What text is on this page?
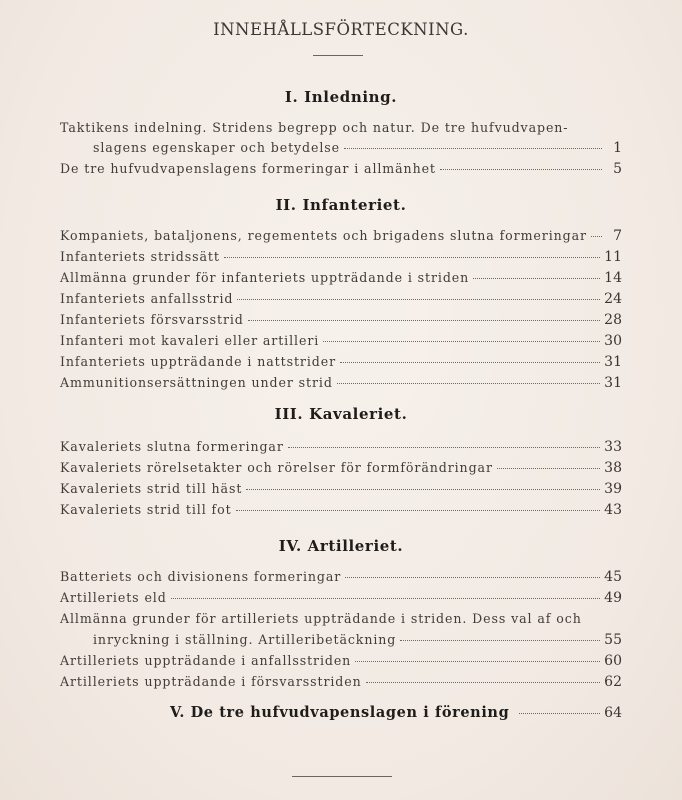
INNEHÅLLSFÖRTECKNING.
I. Inledning.
Taktikens indelning. Stridens begrepp och natur. De tre hufvudvapen-
slagens egenskaper och betydelse	1
De tre hufvudvapenslagens formeringar i allmänhet	5
II. Infanteriet.
Kompaniets, bataljonens, regementets och brigadens slutna formeringar	7
Infanteriets stridssätt	11
Allmänna grunder för infanteriets uppträdande i striden	14
Infanteriets anfallsstrid	24
Infanteriets försvarsstrid	28
Infanteri mot kavaleri eller artilleri	30
Infanteriets uppträdande i nattstrider	31
Ammunitionsersättningen under strid	31
III. Kavaleriet.
Kavaleriets slutna formeringar	33
Kavaleriets rörelsetakter och rörelser för formförändringar	38
Kavaleriets strid till häst	39
Kavaleriets strid till fot	43
IV. Artilleriet.
Batteriets och divisionens formeringar	45
Artilleriets eld	49
Allmänna grunder för artilleriets uppträdande i striden. Dess val af och
inryckning i ställning. Artilleribetäckning	55
Artilleriets uppträdande i anfallsstriden	60
Artilleriets uppträdande i försvarsstriden	62
V. De tre hufvudvapenslagen i förening	64
